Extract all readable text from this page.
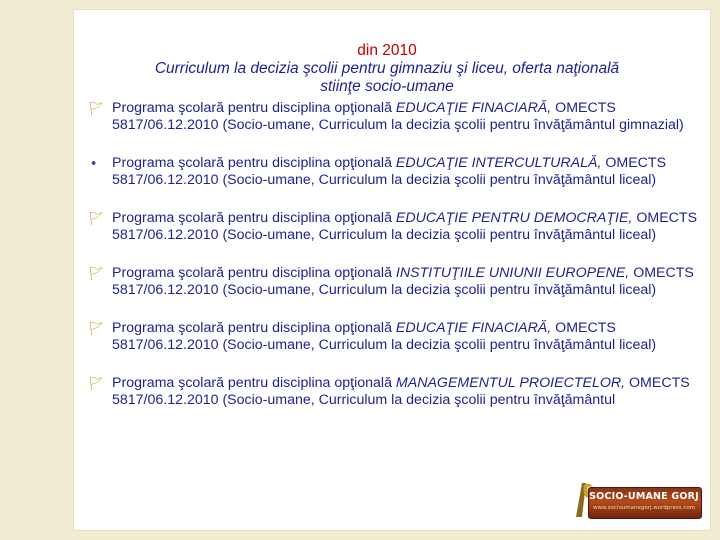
din 2010
Curriculum la decizia şcolii pentru gimnaziu şi liceu, oferta naţională
stiinţe socio-umane
🚩︎ Programa şcolară pentru disciplina opţională EDUCAŢIE FINACIARĂ, OMECTS 5817/06.12.2010 (Socio-umane, Curriculum la decizia şcolii pentru învăţământul gimnazial)
•	Programa şcolară pentru disciplina opţională EDUCAŢIE INTERCULTURALĂ, OMECTS 5817/06.12.2010 (Socio-umane, Curriculum la decizia şcolii pentru învăţământul liceal)
🚩︎ Programa şcolară pentru disciplina opţională EDUCAŢIE PENTRU DEMOCRAŢIE, OMECTS 5817/06.12.2010 (Socio-umane, Curriculum la decizia şcolii pentru învăţământul liceal)
🚩︎ Programa şcolară pentru disciplina opţională INSTITUŢIILE UNIUNII EUROPENE, OMECTS 5817/06.12.2010 (Socio-umane, Curriculum la decizia şcolii pentru învăţământul liceal)
🚩︎ Programa şcolară pentru disciplina opţională EDUCAŢIE FINACIARĂ, OMECTS 5817/06.12.2010 (Socio-umane, Curriculum la decizia şcolii pentru învăţământul liceal)
🚩︎ Programa şcolară pentru disciplina opţională MANAGEMENTUL PROIECTELOR, OMECTS 5817/06.12.2010 (Socio-umane, Curriculum la decizia şcolii pentru învăţământul
SOCIO-UMANE GORJ
www.socioumanegorj.wordpress.com
